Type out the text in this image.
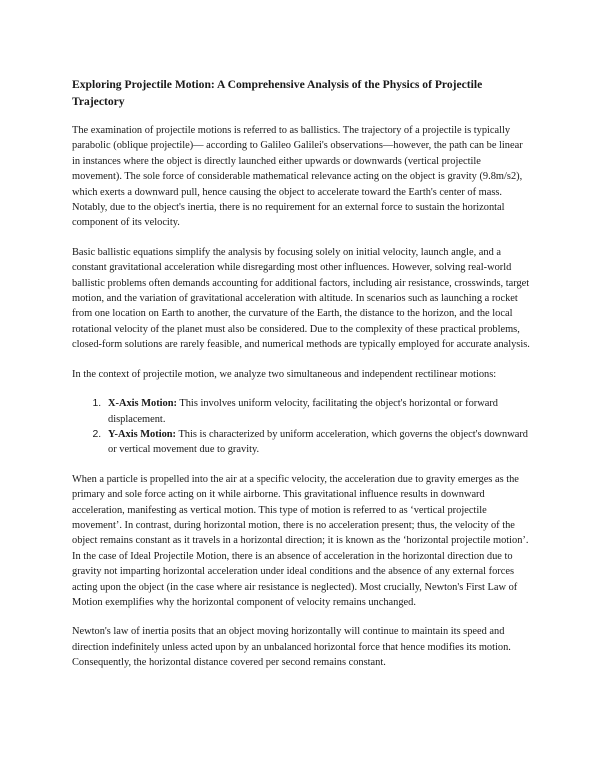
Exploring Projectile Motion: A Comprehensive Analysis of the Physics of Projectile Trajectory

The examination of projectile motions is referred to as ballistics. The trajectory of a projectile is typically parabolic (oblique projectile)— according to Galileo Galilei's observations—however, the path can be linear in instances where the object is directly launched either upwards or downwards (vertical projectile movement). The sole force of considerable mathematical relevance acting on the object is gravity (9.8m/s2), which exerts a downward pull, hence causing the object to accelerate toward the Earth's center of mass. Notably, due to the object's inertia, there is no requirement for an external force to sustain the horizontal component of its velocity.

Basic ballistic equations simplify the analysis by focusing solely on initial velocity, launch angle, and a constant gravitational acceleration while disregarding most other influences. However, solving real-world ballistic problems often demands accounting for additional factors, including air resistance, crosswinds, target motion, and the variation of gravitational acceleration with altitude. In scenarios such as launching a rocket from one location on Earth to another, the curvature of the Earth, the distance to the horizon, and the local rotational velocity of the planet must also be considered. Due to the complexity of these practical problems, closed-form solutions are rarely feasible, and numerical methods are typically employed for accurate analysis.

In the context of projectile motion, we analyze two simultaneous and independent rectilinear motions:

1. X-Axis Motion: This involves uniform velocity, facilitating the object's horizontal or forward displacement.
2. Y-Axis Motion: This is characterized by uniform acceleration, which governs the object's downward or vertical movement due to gravity.

When a particle is propelled into the air at a specific velocity, the acceleration due to gravity emerges as the primary and sole force acting on it while airborne. This gravitational influence results in downward acceleration, manifesting as vertical motion. This type of motion is referred to as ‘vertical projectile movement’. In contrast, during horizontal motion, there is no acceleration present; thus, the velocity of the object remains constant as it travels in a horizontal direction; it is known as the ‘horizontal projectile motion’. In the case of Ideal Projectile Motion, there is an absence of acceleration in the horizontal direction due to gravity not imparting horizontal acceleration under ideal conditions and the absence of any external forces acting upon the object (in the case where air resistance is neglected). Most crucially, Newton's First Law of Motion exemplifies why the horizontal component of velocity remains unchanged.

Newton's law of inertia posits that an object moving horizontally will continue to maintain its speed and direction indefinitely unless acted upon by an unbalanced horizontal force that hence modifies its motion. Consequently, the horizontal distance covered per second remains constant.
